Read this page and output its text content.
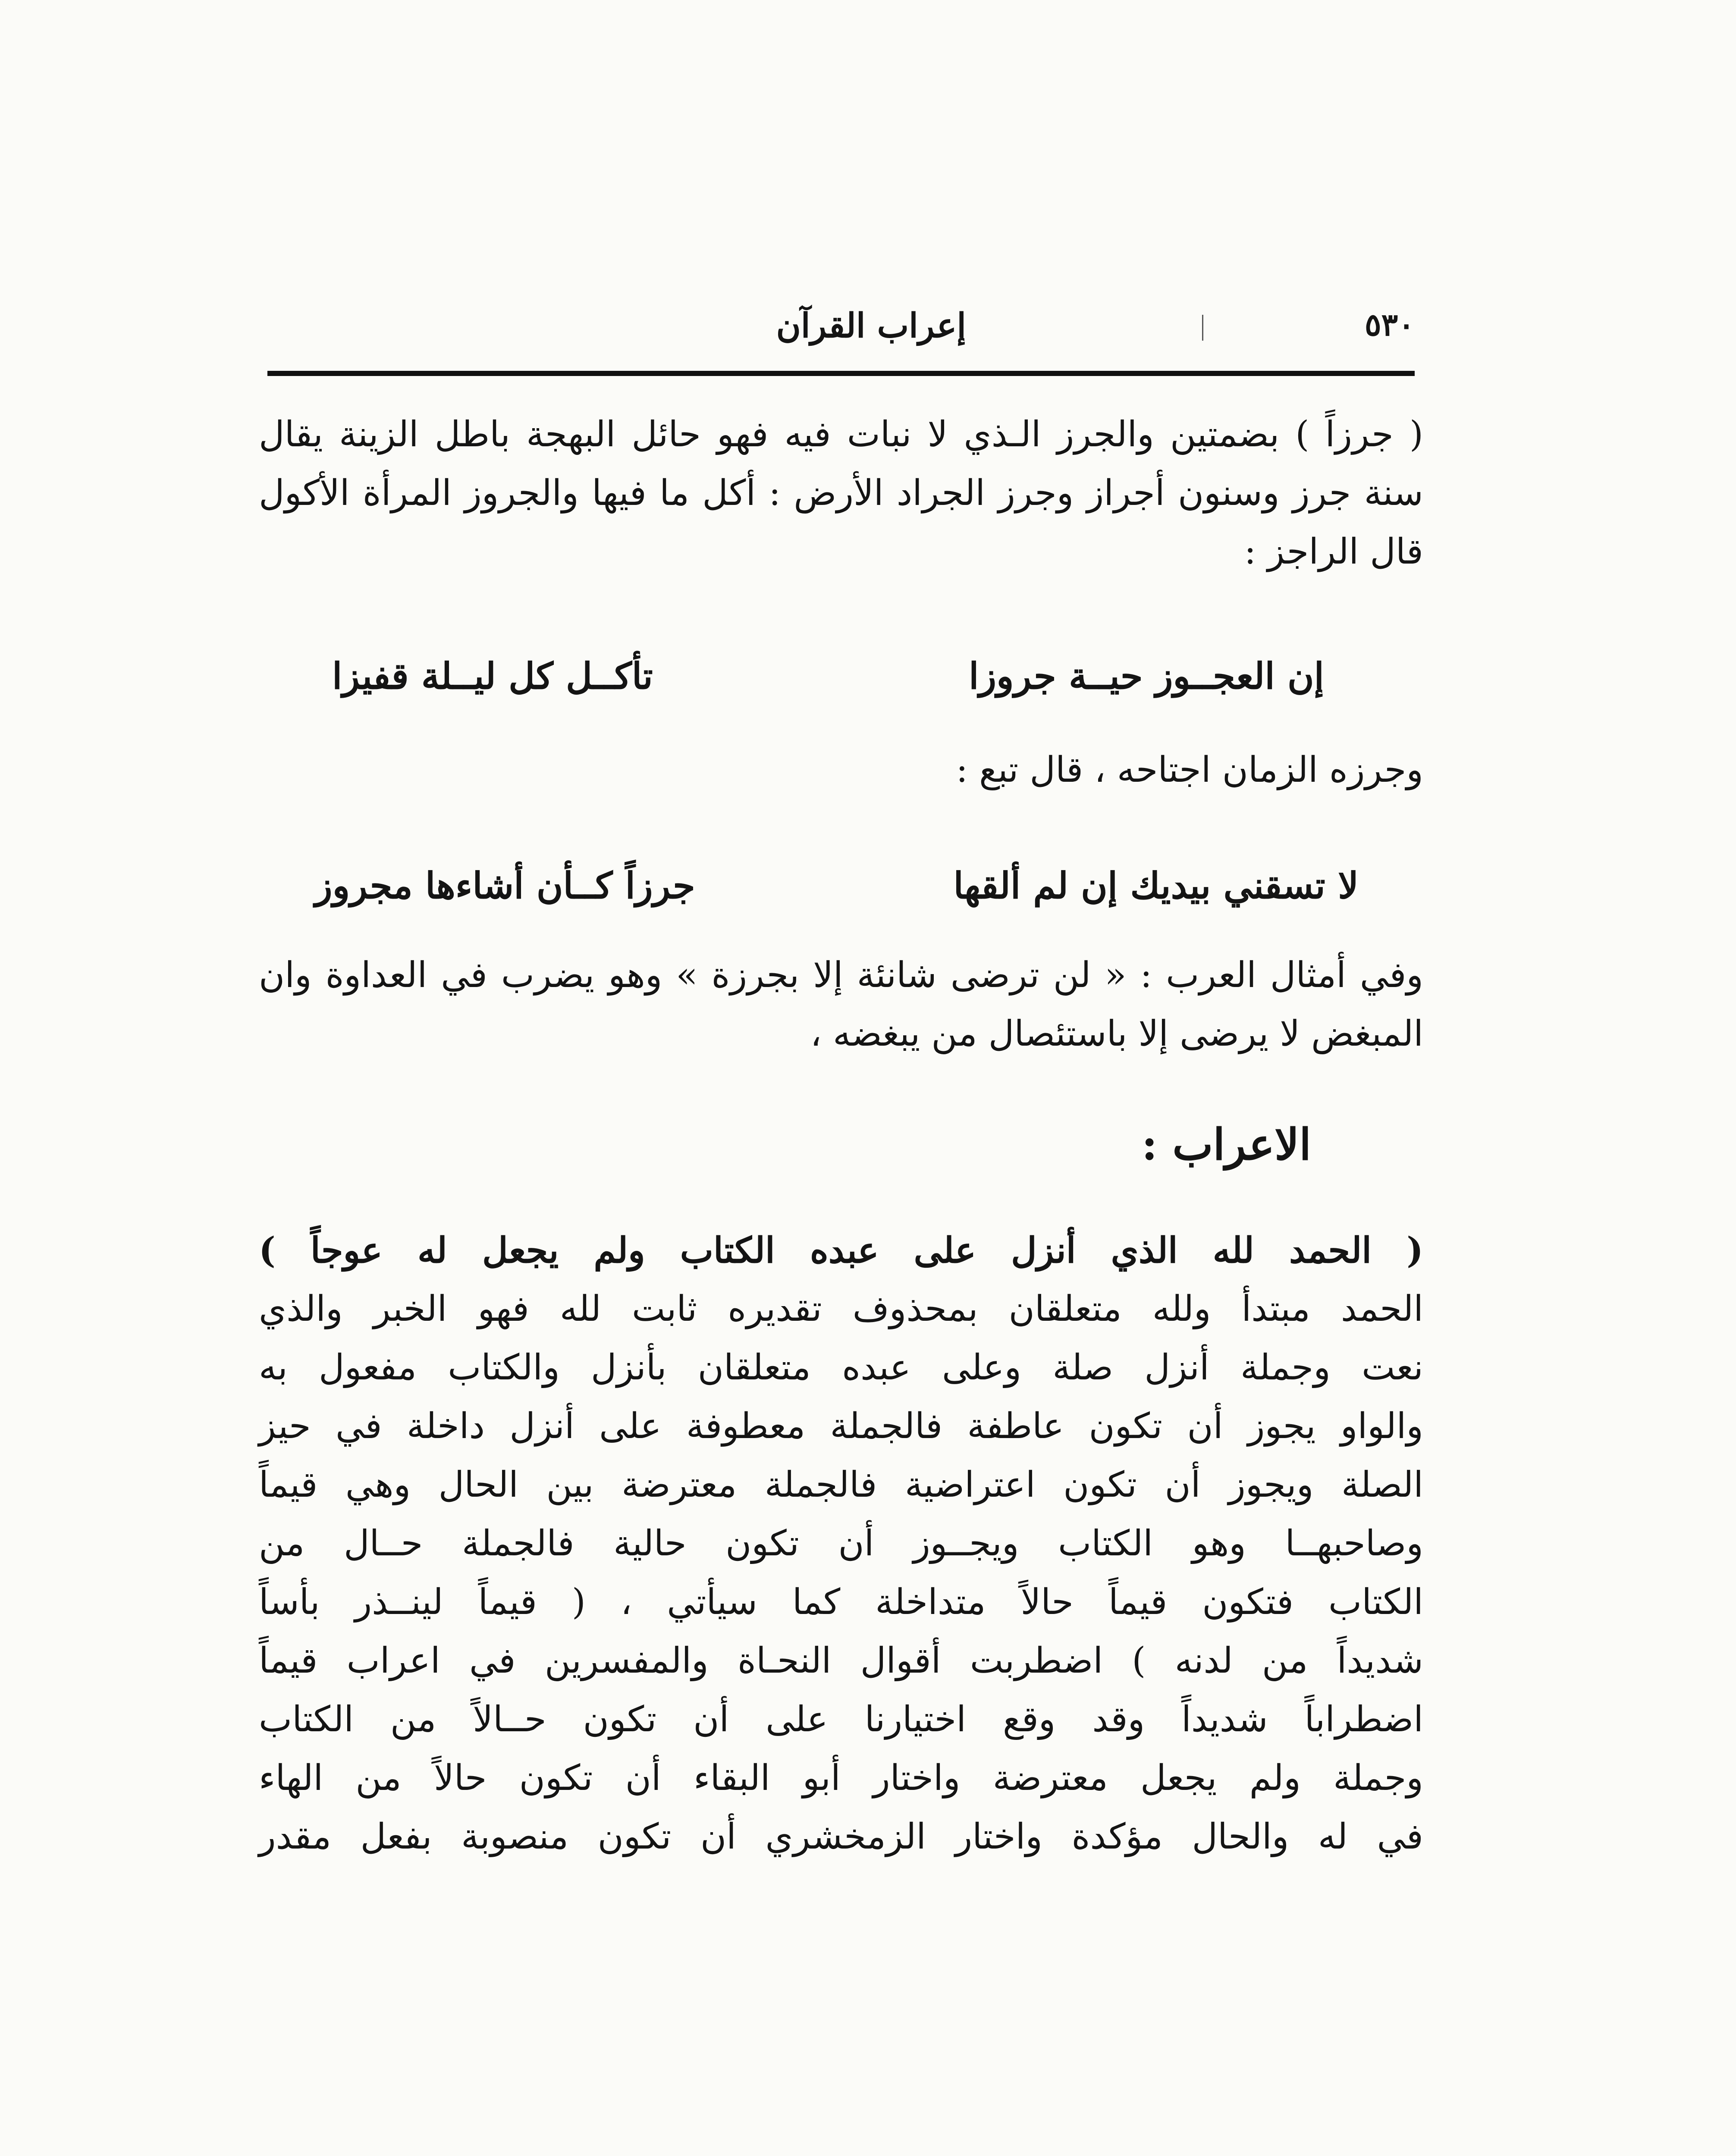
٥٣٠
إعراب القرآن

( جرزاً ) بضمتين والجرز الـذي لا نبات فيه فهو حائل البهجة باطل الزينة يقال سنة جرز وسنون أجراز وجرز الجراد الأرض : أكل ما فيها والجروز المرأة الأكول قال الراجز :

إن العجــوز حيــة جروزا
تأكــل كل ليــلة قفيزا

وجرزه الزمان اجتاحه ، قال تبع :

لا تسقني بيديك إن لم ألقها
جرزاً كــأن أشاءها مجروز

وفي أمثال العرب : « لن ترضى شانئة إلا بجرزة » وهو يضرب في العداوة وان المبغض لا يرضى إلا باستئصال من يبغضه ،

الاعراب :
( الحمد لله الذي أنزل على عبده الكتاب ولم يجعل له عوجاً )
الحمد مبتدأ ولله متعلقان بمحذوف تقديره ثابت لله فهو الخبر والذي
نعت وجملة أنزل صلة وعلى عبده متعلقان بأنزل والكتاب مفعول به
والواو يجوز أن تكون عاطفة فالجملة معطوفة على أنزل داخلة في حيز
الصلة ويجوز أن تكون اعتراضية فالجملة معترضة بين الحال وهي قيماً
وصاحبهــا وهو الكتاب ويجــوز أن تكون حالية فالجملة حــال من
الكتاب فتكون قيماً حالاً متداخلة كما سيأتي ، ( قيماً لينــذر بأساً
شديداً من لدنه ) اضطربت أقوال النحـاة والمفسرين في اعراب قيماً
اضطراباً شديداً وقد وقع اختيارنا على أن تكون حــالاً من الكتاب
وجملة ولم يجعل معترضة واختار أبو البقاء أن تكون حالاً من الهاء
في له والحال مؤكدة واختار الزمخشري أن تكون منصوبة بفعل مقدر
